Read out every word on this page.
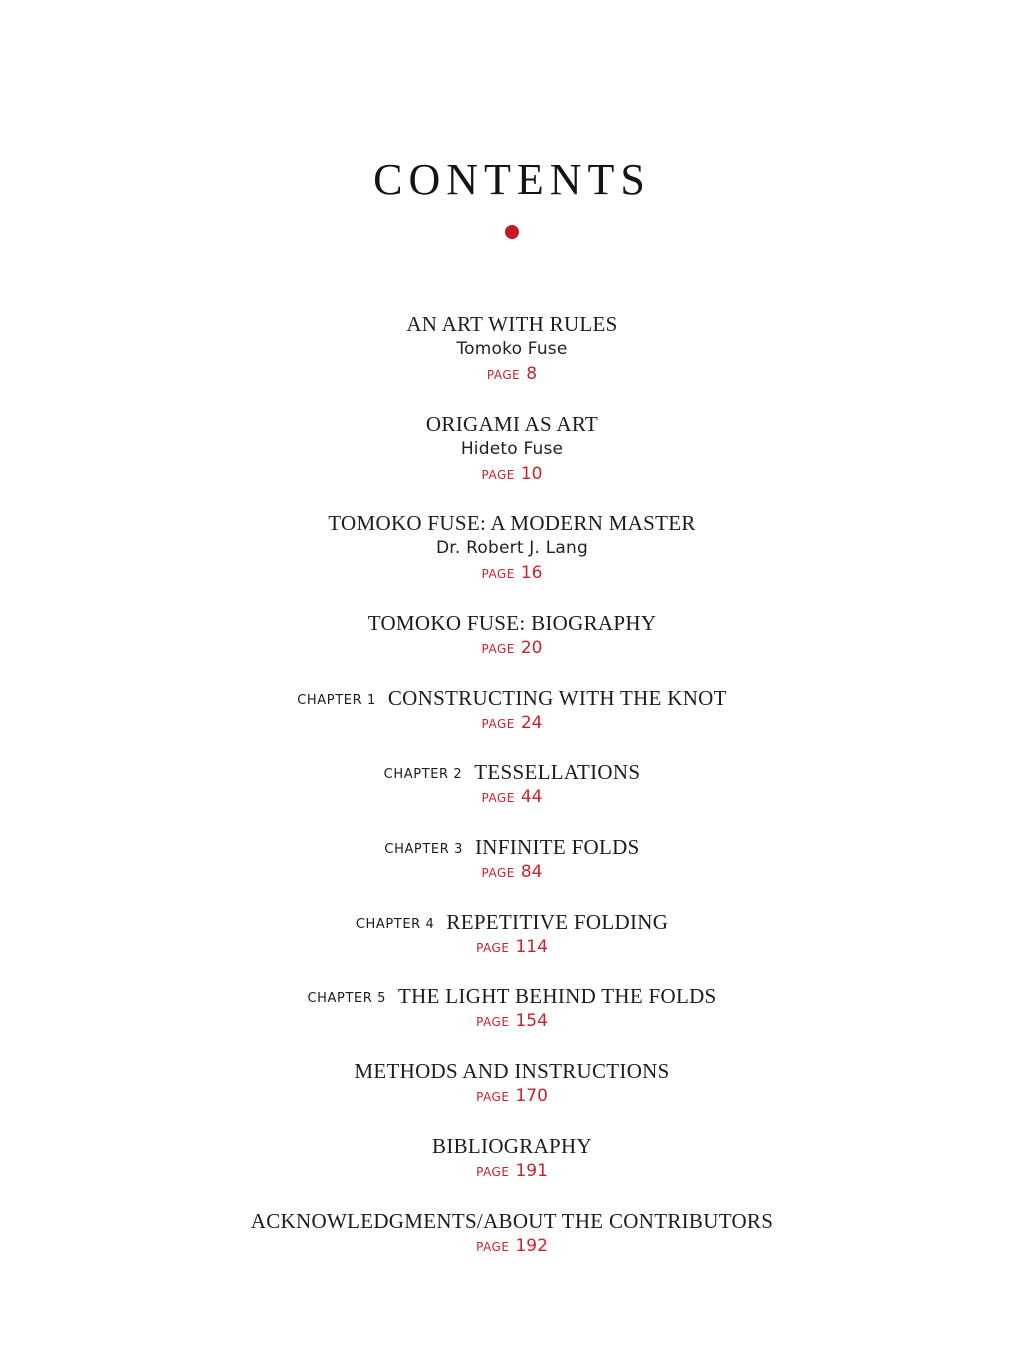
CONTENTS
AN ART WITH RULES
Tomoko Fuse
PAGE 8
ORIGAMI AS ART
Hideto Fuse
PAGE 10
TOMOKO FUSE: A MODERN MASTER
Dr. Robert J. Lang
PAGE 16
TOMOKO FUSE: BIOGRAPHY
PAGE 20
CHAPTER 1 CONSTRUCTING WITH THE KNOT
PAGE 24
CHAPTER 2 TESSELLATIONS
PAGE 44
CHAPTER 3 INFINITE FOLDS
PAGE 84
CHAPTER 4 REPETITIVE FOLDING
PAGE 114
CHAPTER 5 THE LIGHT BEHIND THE FOLDS
PAGE 154
METHODS AND INSTRUCTIONS
PAGE 170
BIBLIOGRAPHY
PAGE 191
ACKNOWLEDGMENTS/ABOUT THE CONTRIBUTORS
PAGE 192
